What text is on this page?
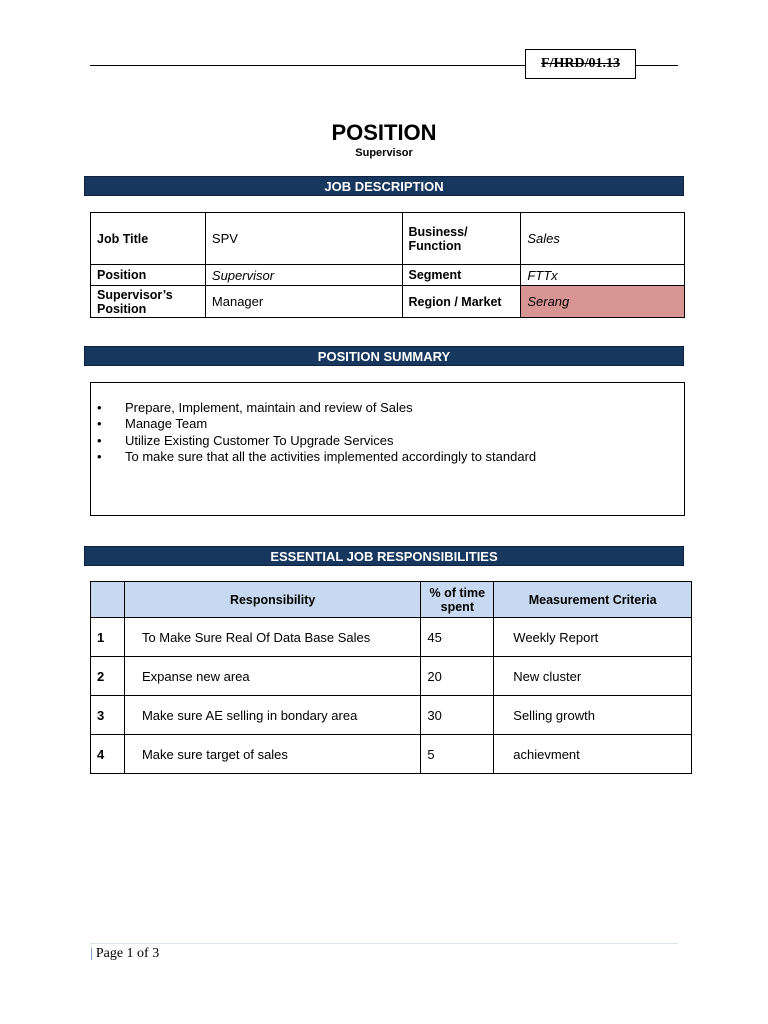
F/HRD/01.13
POSITION
Supervisor
JOB DESCRIPTION
Job Title	SPV	Business/ Function	Sales
Position	Supervisor	Segment	FTTx
Supervisor’s Position	Manager	Region / Market	Serang
POSITION SUMMARY
• Prepare, Implement, maintain and review of Sales
• Manage Team
• Utilize Existing Customer To Upgrade Services
• To make sure that all the activities implemented accordingly to standard
ESSENTIAL JOB RESPONSIBILITIES
	Responsibility	% of time spent	Measurement Criteria
1	To Make Sure Real Of Data Base Sales	45	Weekly Report
2	Expanse new area	20	New cluster
3	Make sure AE selling in bondary area	30	Selling growth
4	Make sure target of sales	5	achievment
| Page 1 of 3
